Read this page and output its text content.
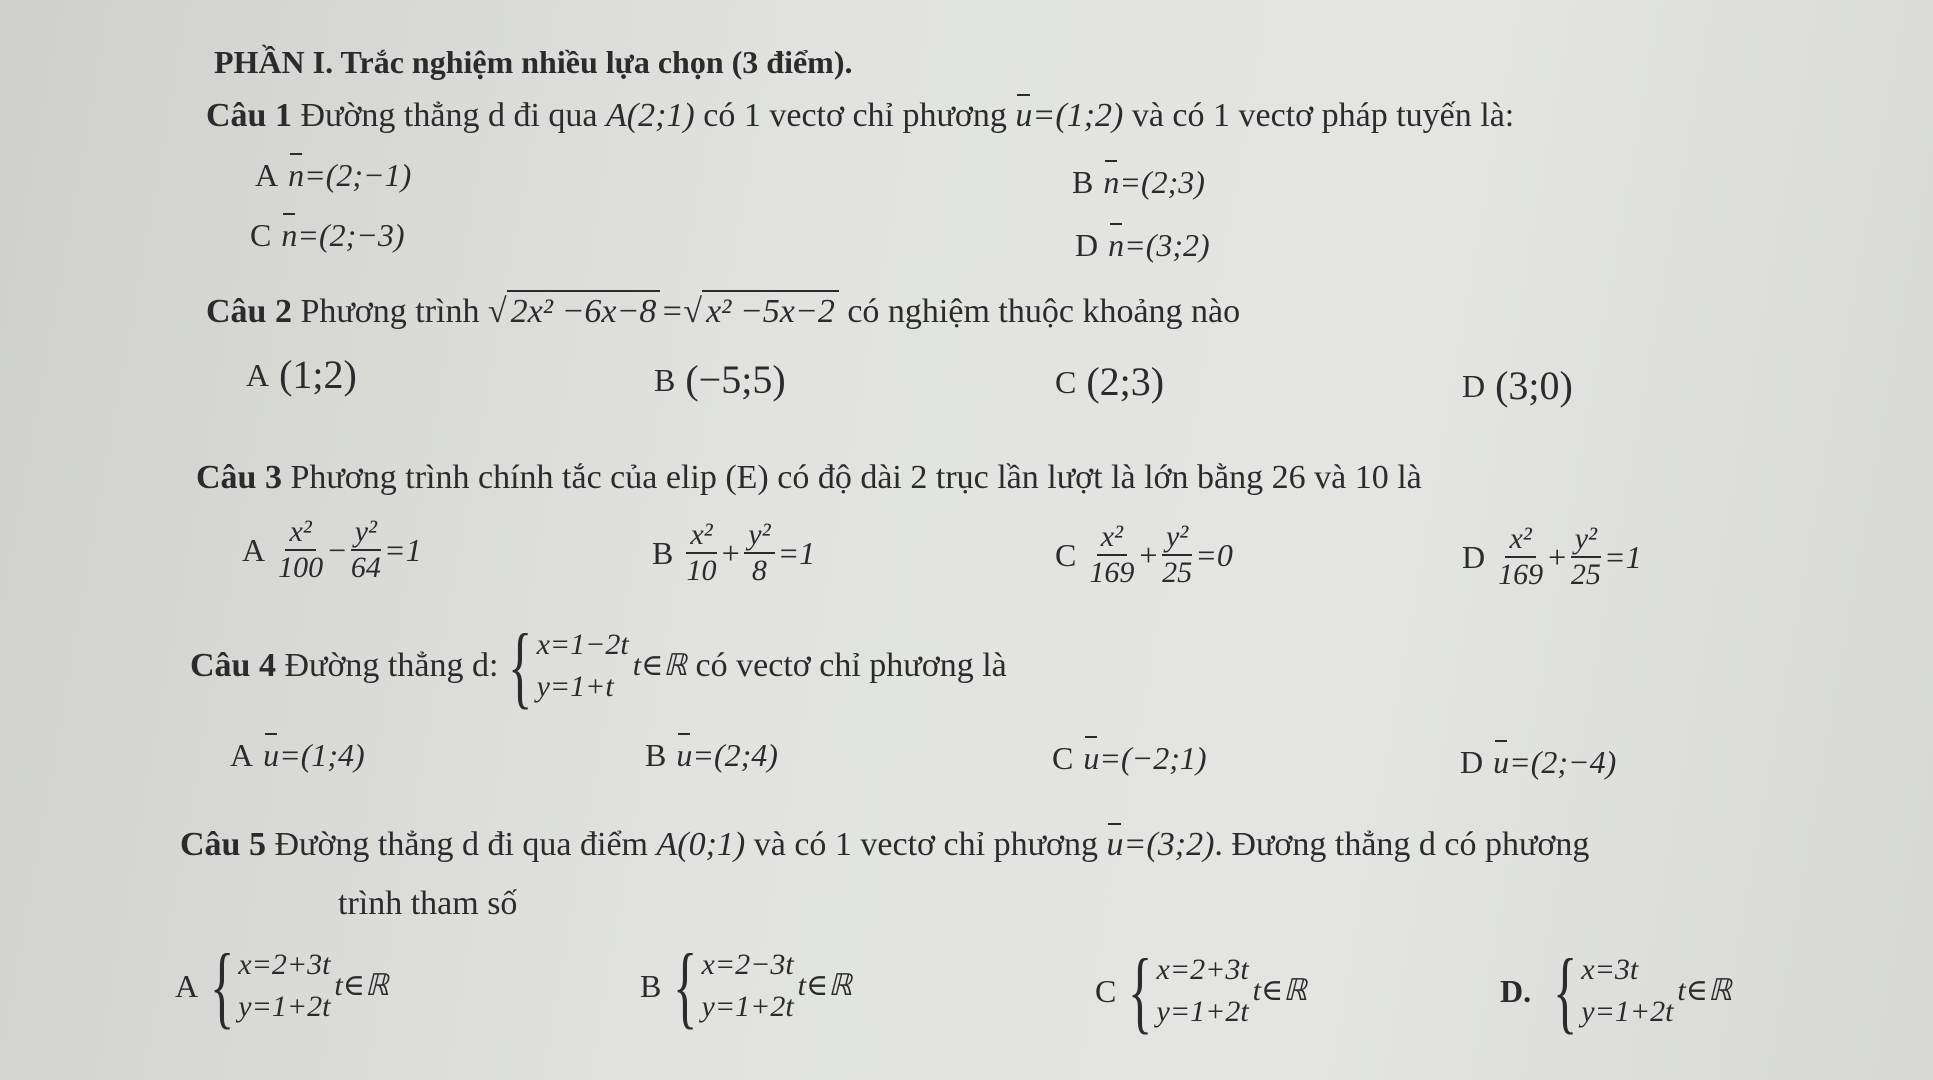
PHẦN I. Trắc nghiệm nhiều lựa chọn (3 điểm).
Câu 1 Đường thẳng d đi qua A(2;1) có 1 vectơ chỉ phương u=(1;2) và có 1 vectơ pháp tuyến là:
A n =(2;−1)	B n =(2;3)
C n =(2;−3)	D n =(3;2)
Câu 2 Phương trình √ 2x² −6x−8 =√ x² −5x−2 có nghiệm thuộc khoảng nào
A (1;2)	B (−5;5)	C (2;3)	D (3;0)
Câu 3 Phương trình chính tắc của elip (E) có độ dài 2 trục lần lượt là lớn bằng 26 và 10 là
A $\frac{\text{x²}}{100} - \frac{\text{y²}}{64} =1$	B $\frac{\text{x²}}{10} + \frac{\text{y²}}{8} =1$	C $\frac{\text{x²}}{169} + \frac{\text{y²}}{25} =0$	D $\frac{\text{x²}}{169} + \frac{\text{y²}}{25} =1$
Câu 4
Đường thẳng d: { x=1−2t
y=1+t
t∈ℝ
có vectơ chỉ phương là
A u =(1;4)	B u =(2;4)	C u =(−2;1)	D u =(2;−4)
Câu 5 Đường thẳng d đi qua điểm A(0;1) và có 1 vectơ chỉ phương u=(3;2). Đương thẳng d có phương
trình tham số
A { x=2+3t
y=1+2t
t∈ℝ	B { x=2−3t
y=1+2t
t∈ℝ	C { x=2+3t
y=1+2t
t∈ℝ	D. { x=3t
y=1+2t
t∈ℝ
